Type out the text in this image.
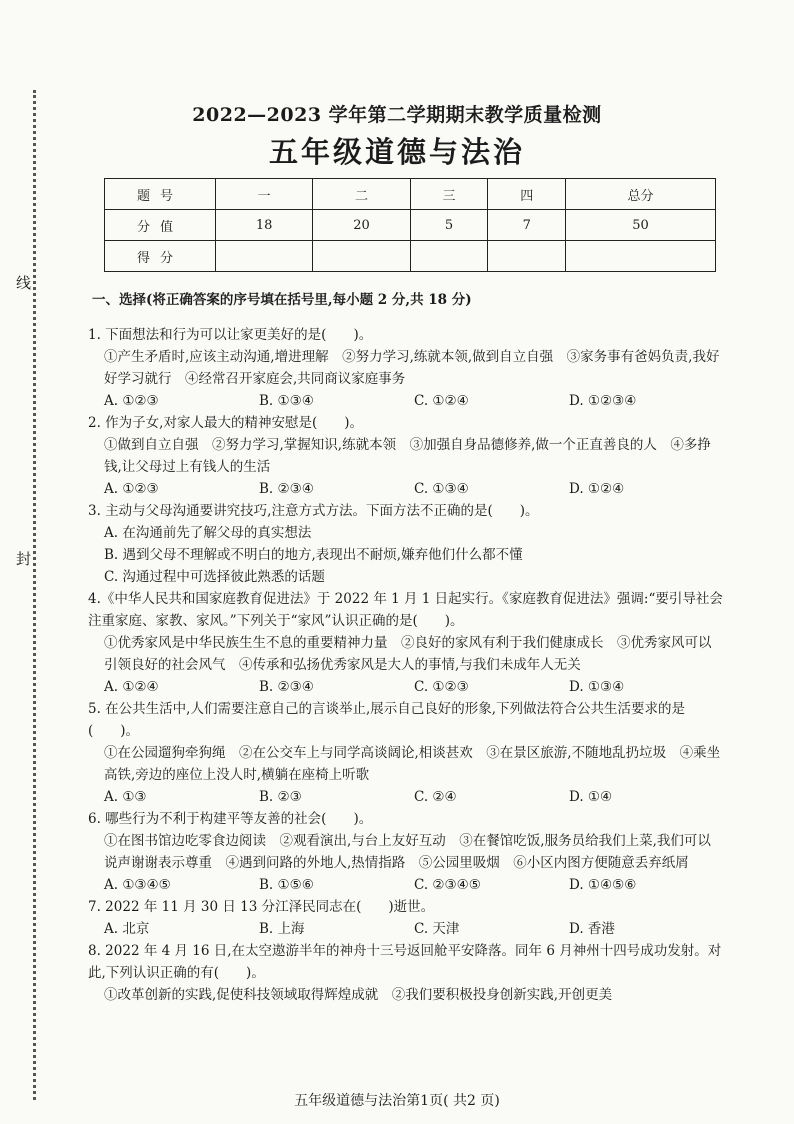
线
封
2022—2023 学年第二学期期末教学质量检测
五年级道德与法治
题号	一	二	三	四	总分
分值	18	20	5	7	50
得分					

一、选择(将正确答案的序号填在括号里,每小题 2 分,共 18 分)

1. 下面想法和行为可以让家更美好的是(　　)。

①产生矛盾时,应该主动沟通,增进理解　②努力学习,练就本领,做到自立自强　③家务事有爸妈负责,我好好学习就行　④经常召开家庭会,共同商议家庭事务

A. ①②③	B. ①③④	C. ①②④	D. ①②③④

2. 作为子女,对家人最大的精神安慰是(　　)。

①做到自立自强　②努力学习,掌握知识,练就本领　③加强自身品德修养,做一个正直善良的人　④多挣钱,让父母过上有钱人的生活

A. ①②③	B. ②③④	C. ①③④	D. ①②④

3. 主动与父母沟通要讲究技巧,注意方式方法。下面方法不正确的是(　　)。

A. 在沟通前先了解父母的真实想法

B. 遇到父母不理解或不明白的地方,表现出不耐烦,嫌弃他们什么都不懂

C. 沟通过程中可选择彼此熟悉的话题

4.《中华人民共和国家庭教育促进法》于 2022 年 1 月 1 日起实行。《家庭教育促进法》强调:“要引导社会注重家庭、家教、家风。”下列关于“家风”认识正确的是(　　)。

①优秀家风是中华民族生生不息的重要精神力量　②良好的家风有利于我们健康成长　③优秀家风可以引领良好的社会风气　④传承和弘扬优秀家风是大人的事情,与我们未成年人无关

A. ①②④	B. ②③④	C. ①②③	D. ①③④

5. 在公共生活中,人们需要注意自己的言谈举止,展示自己良好的形象,下列做法符合公共生活要求的是(　　)。

①在公园遛狗牵狗绳　②在公交车上与同学高谈阔论,相谈甚欢　③在景区旅游,不随地乱扔垃圾　④乘坐高铁,旁边的座位上没人时,横躺在座椅上听歌

A. ①③	B. ②③	C. ②④	D. ①④

6. 哪些行为不利于构建平等友善的社会(　　)。

①在图书馆边吃零食边阅读　②观看演出,与台上友好互动　③在餐馆吃饭,服务员给我们上菜,我们可以说声谢谢表示尊重　④遇到问路的外地人,热情指路　⑤公园里吸烟　⑥小区内图方便随意丢弃纸屑

A. ①③④⑤	B. ①⑤⑥	C. ②③④⑤	D. ①④⑤⑥

7. 2022 年 11 月 30 日 13 分江泽民同志在(　　)逝世。

A. 北京	B. 上海	C. 天津	D. 香港

8. 2022 年 4 月 16 日,在太空遨游半年的神舟十三号返回舱平安降落。同年 6 月神州十四号成功发射。对此,下列认识正确的有(　　)。

①改革创新的实践,促使科技领域取得辉煌成就　②我们要积极投身创新实践,开创更美

五年级道德与法治第1页( 共2 页)
